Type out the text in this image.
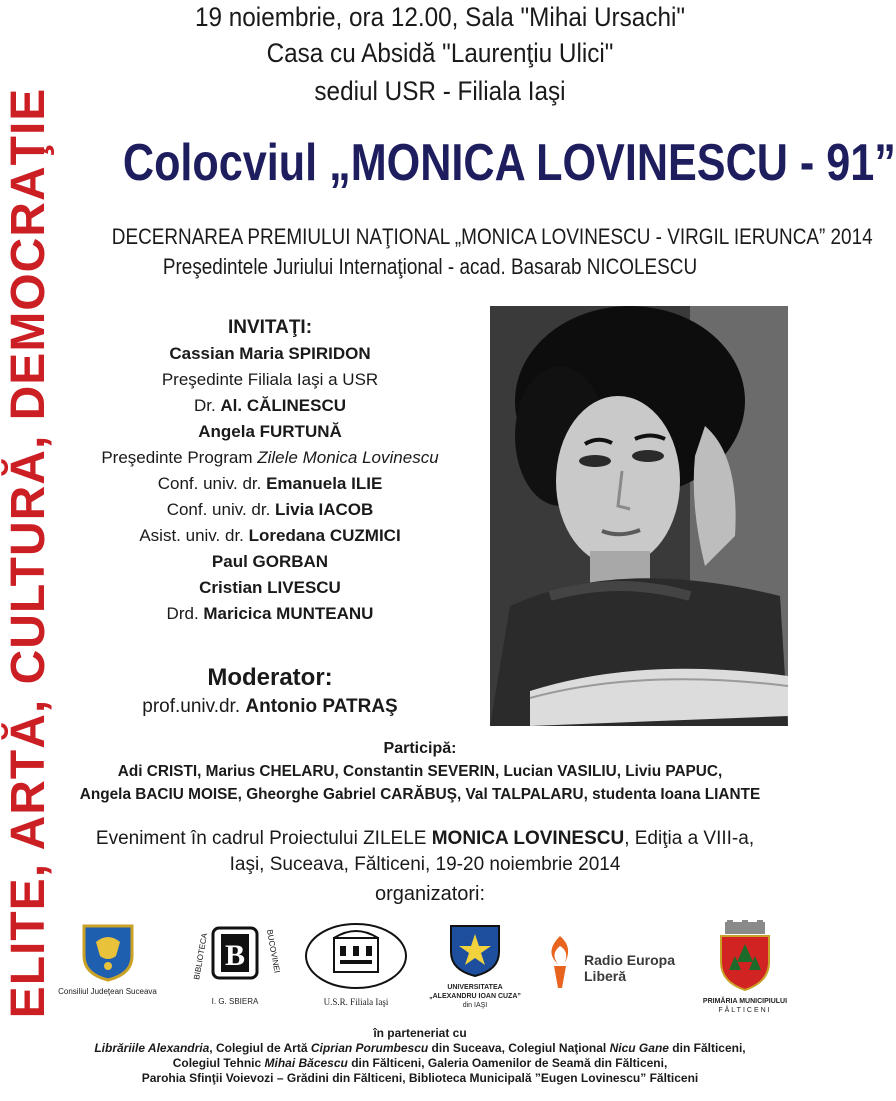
ELITE, ARTĂ, CULTURĂ, DEMOCRAŢIE
19 noiembrie, ora 12.00, Sala "Mihai Ursachi"
Casa cu Absidă "Laurenţiu Ulici"
sediul USR - Filiala Iaşi
Colocviul „MONICA LOVINESCU - 91”
DECERNAREA PREMIULUI NAŢIONAL „MONICA LOVINESCU - VIRGIL IERUNCA” 2014
Preşedintele Juriului Internaţional - acad. Basarab NICOLESCU
INVITAŢI:
Cassian Maria SPIRIDON
Preşedinte Filiala Iaşi a USR
Dr. Al. CĂLINESCU
Angela FURTUNĂ
Preşedinte Program Zilele Monica Lovinescu
Conf. univ. dr. Emanuela ILIE
Conf. univ. dr. Livia IACOB
Asist. univ. dr. Loredana CUZMICI
Paul GORBAN
Cristian LIVESCU
Drd. Maricica MUNTEANU
Moderator:
prof.univ.dr. Antonio PATRAŞ
Participă:
Adi CRISTI, Marius CHELARU, Constantin SEVERIN, Lucian VASILIU, Liviu PAPUC,
Angela BACIU MOISE, Gheorghe Gabriel CARĂBUŞ, Val TALPALARU, studenta Ioana LIANTE
Eveniment în cadrul Proiectului ZILELE MONICA LOVINESCU, Ediţia a VIII-a,
Iaşi, Suceava, Fălticeni, 19-20 noiembrie 2014
organizatori:
Consiliul Judeţean Suceava
B
BIBLIOTECA	BUCOVINEI
I. G. SBIERA	U.S.R. Filiala Iaşi
UNIVERSITATEA
„ALEXANDRU IOAN CUZA”
din IAŞI
Radio Europa
Liberă
PRIMĂRIA MUNICIPIULUI
FĂLTICENI
în parteneriat cu
Librăriile Alexandria, Colegiul de Artă Ciprian Porumbescu din Suceava, Colegiul Naţional Nicu Gane din Fălticeni,
Colegiul Tehnic Mihai Băcescu din Fălticeni, Galeria Oamenilor de Seamă din Fălticeni,
Parohia Sfinţii Voievozi – Grădini din Fălticeni, Biblioteca Municipală ”Eugen Lovinescu” Fălticeni
